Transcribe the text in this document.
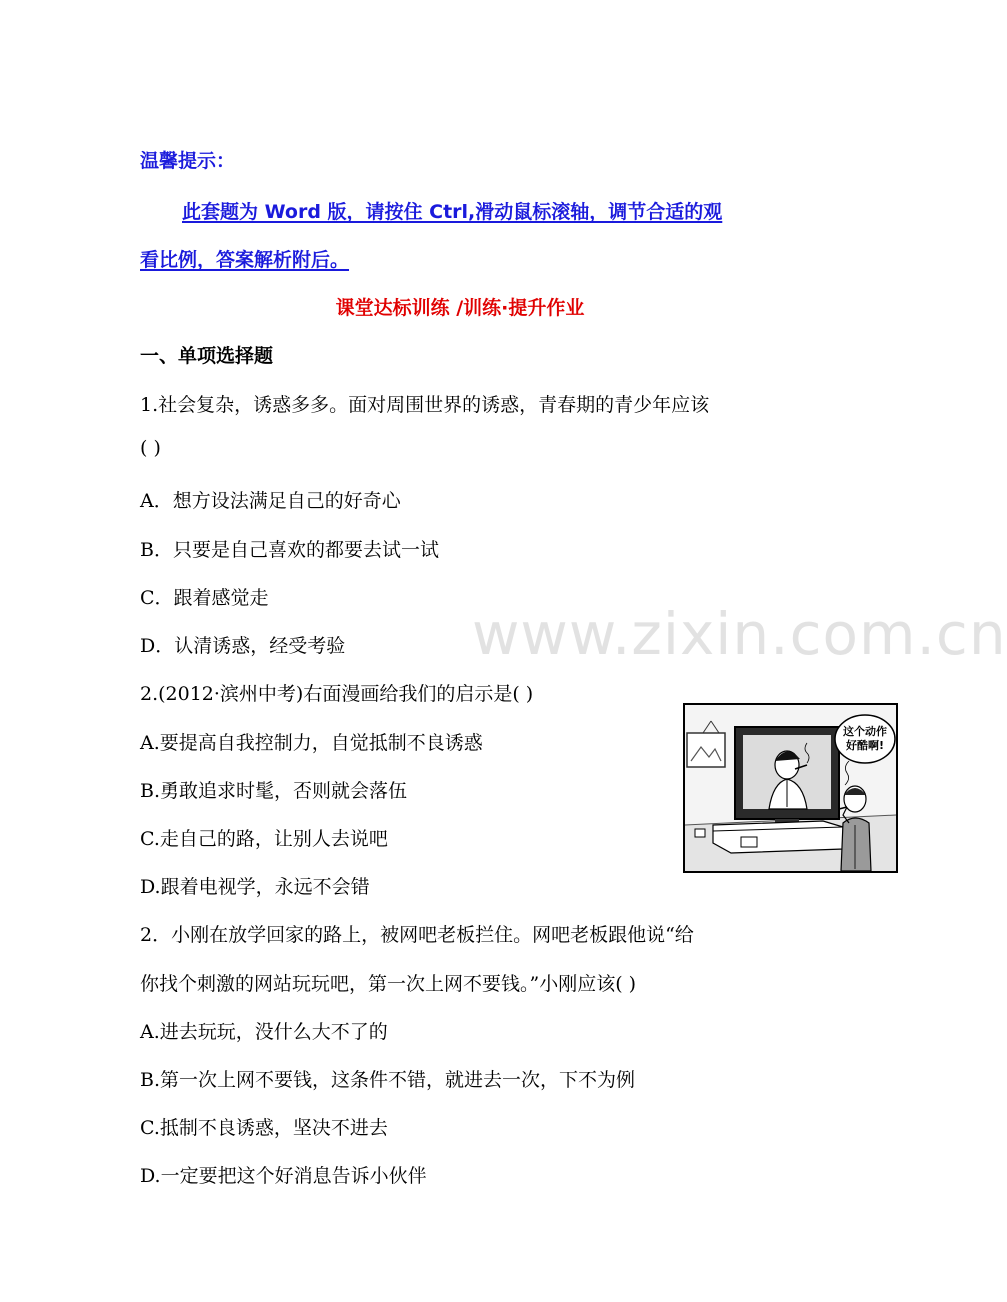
温馨提示：
此套题为 Word 版，请按住 Ctrl,滑动鼠标滚轴，调节合适的观
看比例，答案解析附后。
课堂达标训练 /训练·提升作业
一、单项选择题
1.社会复杂，诱惑多多。面对周围世界的诱惑，青春期的青少年应该
( )
A．想方设法满足自己的好奇心
B．只要是自己喜欢的都要去试一试
C．跟着感觉走
D．认清诱惑，经受考验 www.zixin.com.cn
2.(2012·滨州中考)右面漫画给我们的启示是( )
A.要提高自我控制力，自觉抵制不良诱惑
B.勇敢追求时髦，否则就会落伍
C.走自己的路，让别人去说吧
D.跟着电视学，永远不会错
这个动作
好酷啊!
2．小刚在放学回家的路上，被网吧老板拦住。网吧老板跟他说“给
你找个刺激的网站玩玩吧，第一次上网不要钱。”小刚应该( )
A.进去玩玩，没什么大不了的
B.第一次上网不要钱，这条件不错，就进去一次，下不为例
C.抵制不良诱惑，坚决不进去
D.一定要把这个好消息告诉小伙伴
